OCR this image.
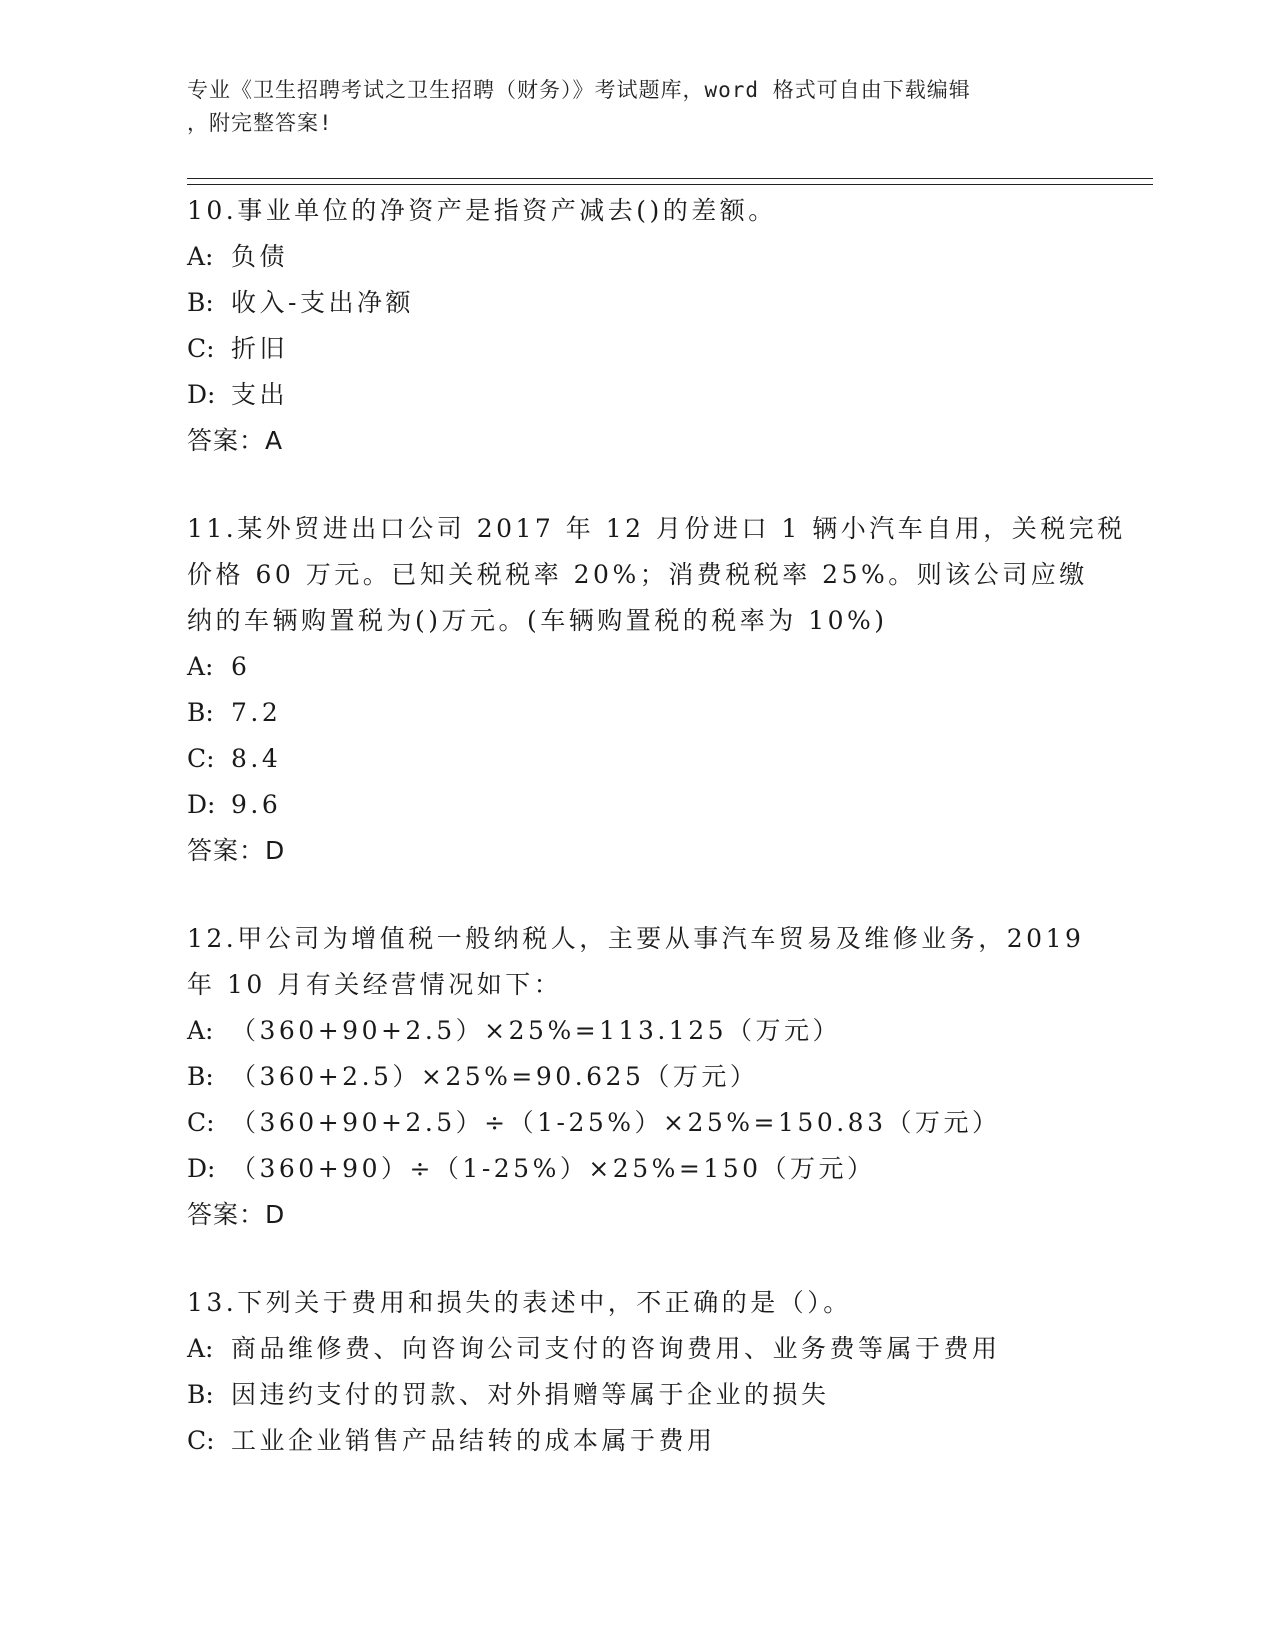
专业《卫生招聘考试之卫生招聘（财务）》考试题库，word 格式可自由下载编辑
，附完整答案!
10.事业单位的净资产是指资产减去()的差额。
A: 负债
B: 收入-支出净额
C: 折旧
D: 支出
答案：A
11.某外贸进出口公司 2017 年 12 月份进口 1 辆小汽车自用，关税完税
价格 60 万元。已知关税税率 20%；消费税税率 25%。则该公司应缴
纳的车辆购置税为()万元。(车辆购置税的税率为 10%)
A: 6
B: 7.2
C: 8.4
D: 9.6
答案：D
12.甲公司为增值税一般纳税人，主要从事汽车贸易及维修业务，2019
年 10 月有关经营情况如下：
A: （360+90+2.5）×25%=113.125（万元）
B: （360+2.5）×25%=90.625（万元）
C: （360+90+2.5）÷（1-25%）×25%=150.83（万元）
D: （360+90）÷（1-25%）×25%=150（万元）
答案：D
13.下列关于费用和损失的表述中，不正确的是（）。
A: 商品维修费、向咨询公司支付的咨询费用、业务费等属于费用
B: 因违约支付的罚款、对外捐赠等属于企业的损失
C: 工业企业销售产品结转的成本属于费用
